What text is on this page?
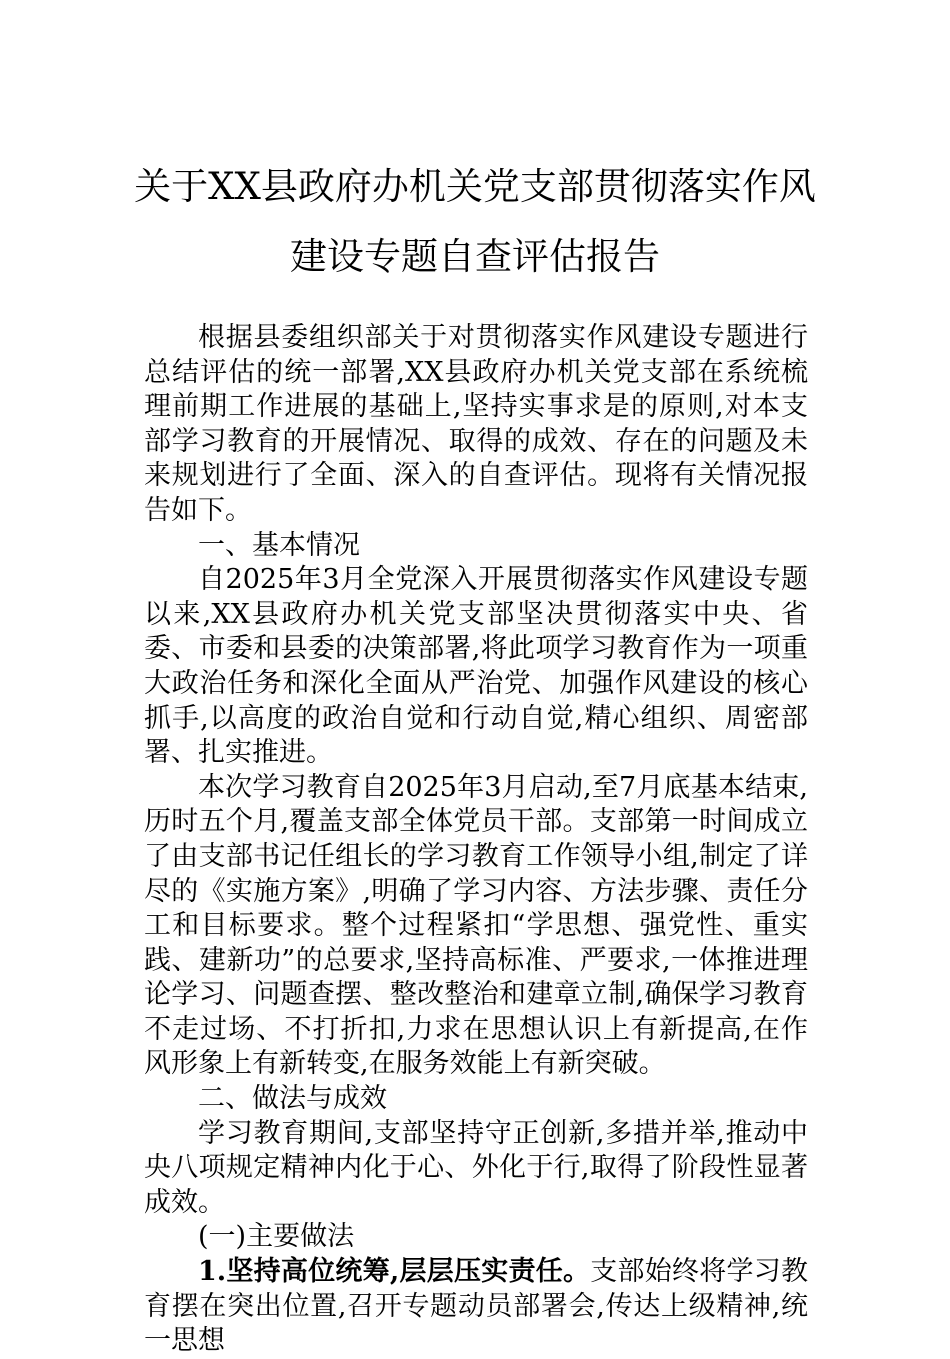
关于XX县政府办机关党支部贯彻落实作风
建设专题自查评估报告

根据县委组织部关于对贯彻落实作风建设专题进行总结评估的统一部署,XX县政府办机关党支部在系统梳理前期工作进展的基础上,坚持实事求是的原则,对本支部学习教育的开展情况、取得的成效、存在的问题及未来规划进行了全面、深入的自查评估。现将有关情况报告如下。

一、基本情况

自2025年3月全党深入开展贯彻落实作风建设专题以来,XX县政府办机关党支部坚决贯彻落实中央、省委、市委和县委的决策部署,将此项学习教育作为一项重大政治任务和深化全面从严治党、加强作风建设的核心抓手,以高度的政治自觉和行动自觉,精心组织、周密部署、扎实推进。

本次学习教育自2025年3月启动,至7月底基本结束,历时五个月,覆盖支部全体党员干部。支部第一时间成立了由支部书记任组长的学习教育工作领导小组,制定了详尽的《实施方案》,明确了学习内容、方法步骤、责任分工和目标要求。整个过程紧扣“学思想、强党性、重实践、建新功”的总要求,坚持高标准、严要求,一体推进理论学习、问题查摆、整改整治和建章立制,确保学习教育不走过场、不打折扣,力求在思想认识上有新提高,在作风形象上有新转变,在服务效能上有新突破。

二、做法与成效

学习教育期间,支部坚持守正创新,多措并举,推动中央八项规定精神内化于心、外化于行,取得了阶段性显著成效。

(一)主要做法

1.坚持高位统筹,层层压实责任。支部始终将学习教育摆在突出位置,召开专题动员部署会,传达上级精神,统一思想
